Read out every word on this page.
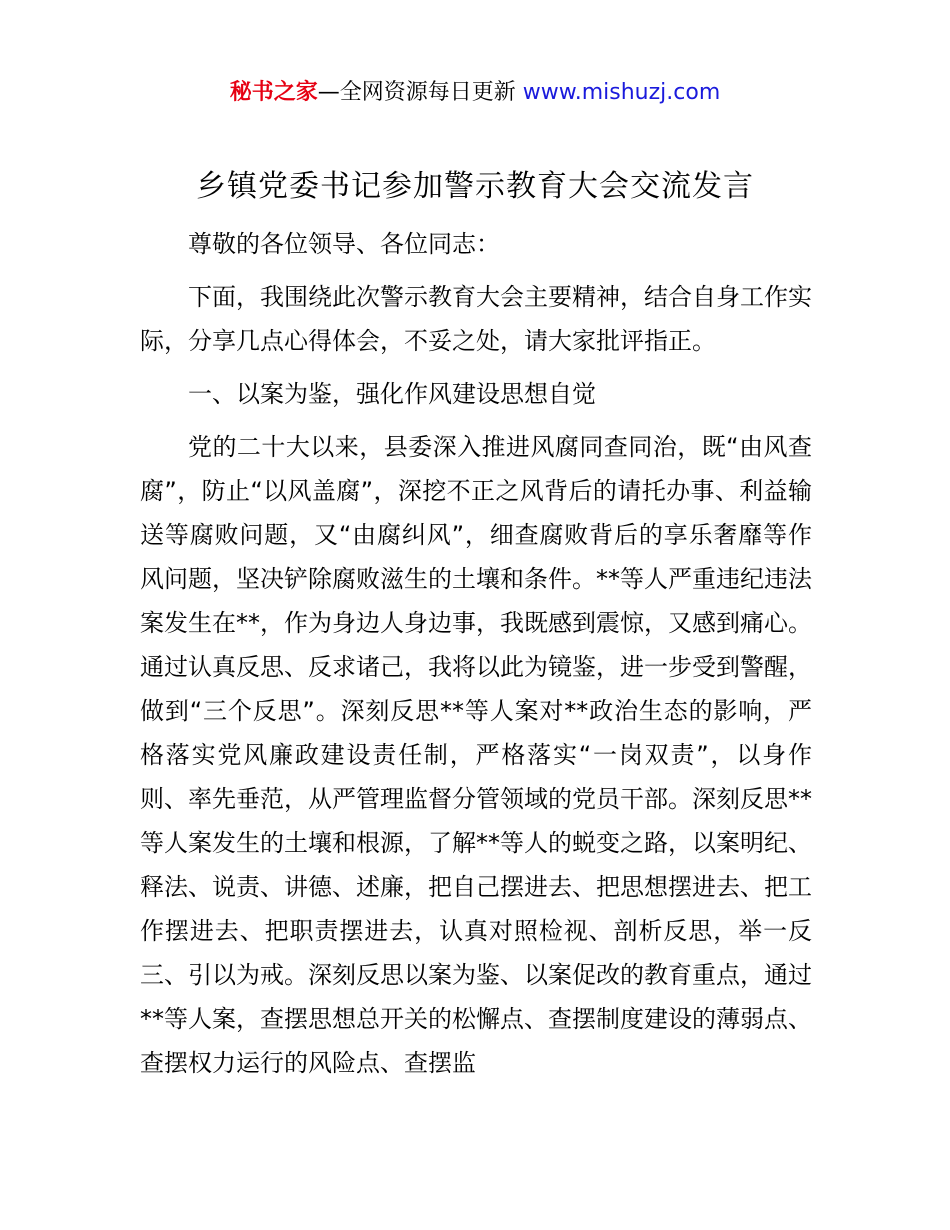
秘书之家—全网资源每日更新 www.mishuzj.com
乡镇党委书记参加警示教育大会交流发言

尊敬的各位领导、各位同志：

下面，我围绕此次警示教育大会主要精神，结合自身工作实际，分享几点心得体会，不妥之处，请大家批评指正。

一、以案为鉴，强化作风建设思想自觉

党的二十大以来，县委深入推进风腐同查同治，既“由风查腐”，防止“以风盖腐”，深挖不正之风背后的请托办事、利益输送等腐败问题，又“由腐纠风”，细查腐败背后的享乐奢靡等作风问题，坚决铲除腐败滋生的土壤和条件。**等人严重违纪违法案发生在**，作为身边人身边事，我既感到震惊，又感到痛心。通过认真反思、反求诸己，我将以此为镜鉴，进一步受到警醒，做到“三个反思”。深刻反思**等人案对**政治生态的影响，严格落实党风廉政建设责任制，严格落实“一岗双责”，以身作则、率先垂范，从严管理监督分管领域的党员干部。深刻反思**等人案发生的土壤和根源，了解**等人的蜕变之路，以案明纪、释法、说责、讲德、述廉，把自己摆进去、把思想摆进去、把工作摆进去、把职责摆进去，认真对照检视、剖析反思，举一反三、引以为戒。深刻反思以案为鉴、以案促改的教育重点，通过**等人案，查摆思想总开关的松懈点、查摆制度建设的薄弱点、查摆权力运行的风险点、查摆监
